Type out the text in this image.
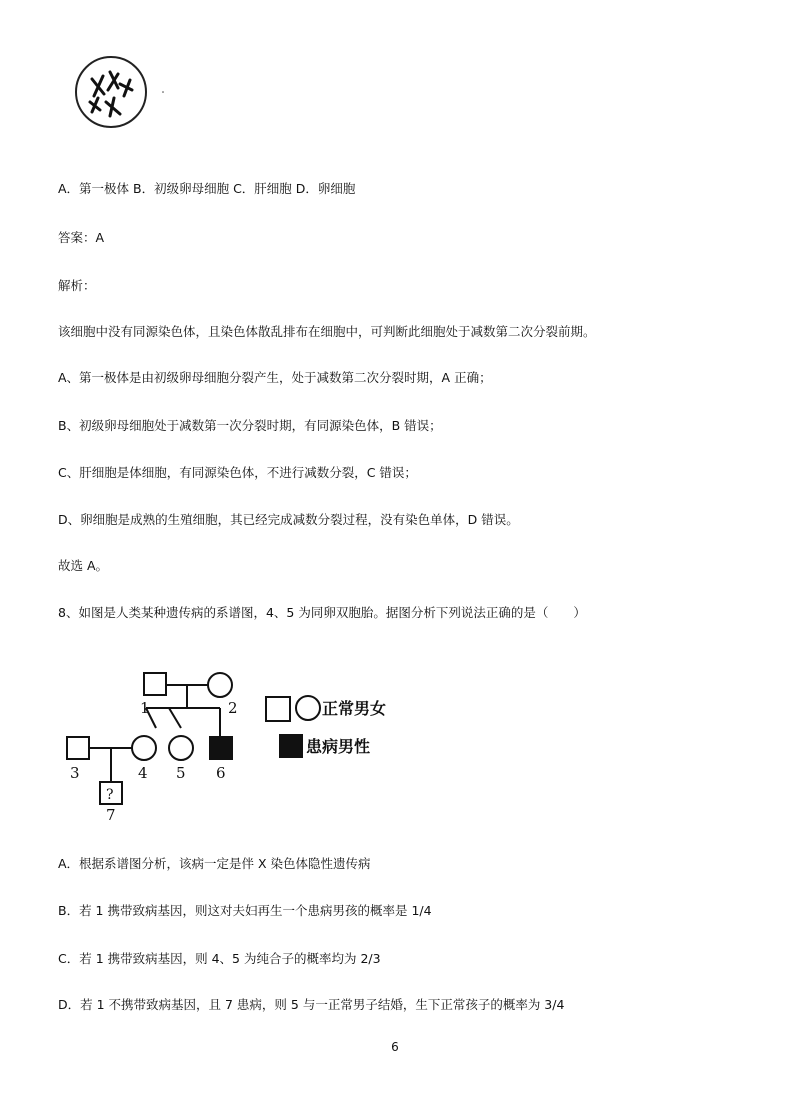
A．第一极体 B．初级卵母细胞 C．肝细胞 D．卵细胞
答案：A
解析：
该细胞中没有同源染色体，且染色体散乱排布在细胞中，可判断此细胞处于减数第二次分裂前期。
A、第一极体是由初级卵母细胞分裂产生，处于减数第二次分裂时期，A 正确；
B、初级卵母细胞处于减数第一次分裂时期，有同源染色体，B 错误；
C、肝细胞是体细胞，有同源染色体，不进行减数分裂，C 错误；
D、卵细胞是成熟的生殖细胞，其已经完成减数分裂过程，没有染色单体，D 错误。
故选 A。
8、如图是人类某种遗传病的系谱图，4、5 为同卵双胞胎。据图分析下列说法正确的是（　　）
1	2
3	4 5 6
7
?
正常男女
患病男性
A．根据系谱图分析，该病一定是伴 X 染色体隐性遗传病
B．若 1 携带致病基因，则这对夫妇再生一个患病男孩的概率是 1/4
C．若 1 携带致病基因，则 4、5 为纯合子的概率均为 2/3
D．若 1 不携带致病基因，且 7 患病，则 5 与一正常男子结婚，生下正常孩子的概率为 3/4
6
